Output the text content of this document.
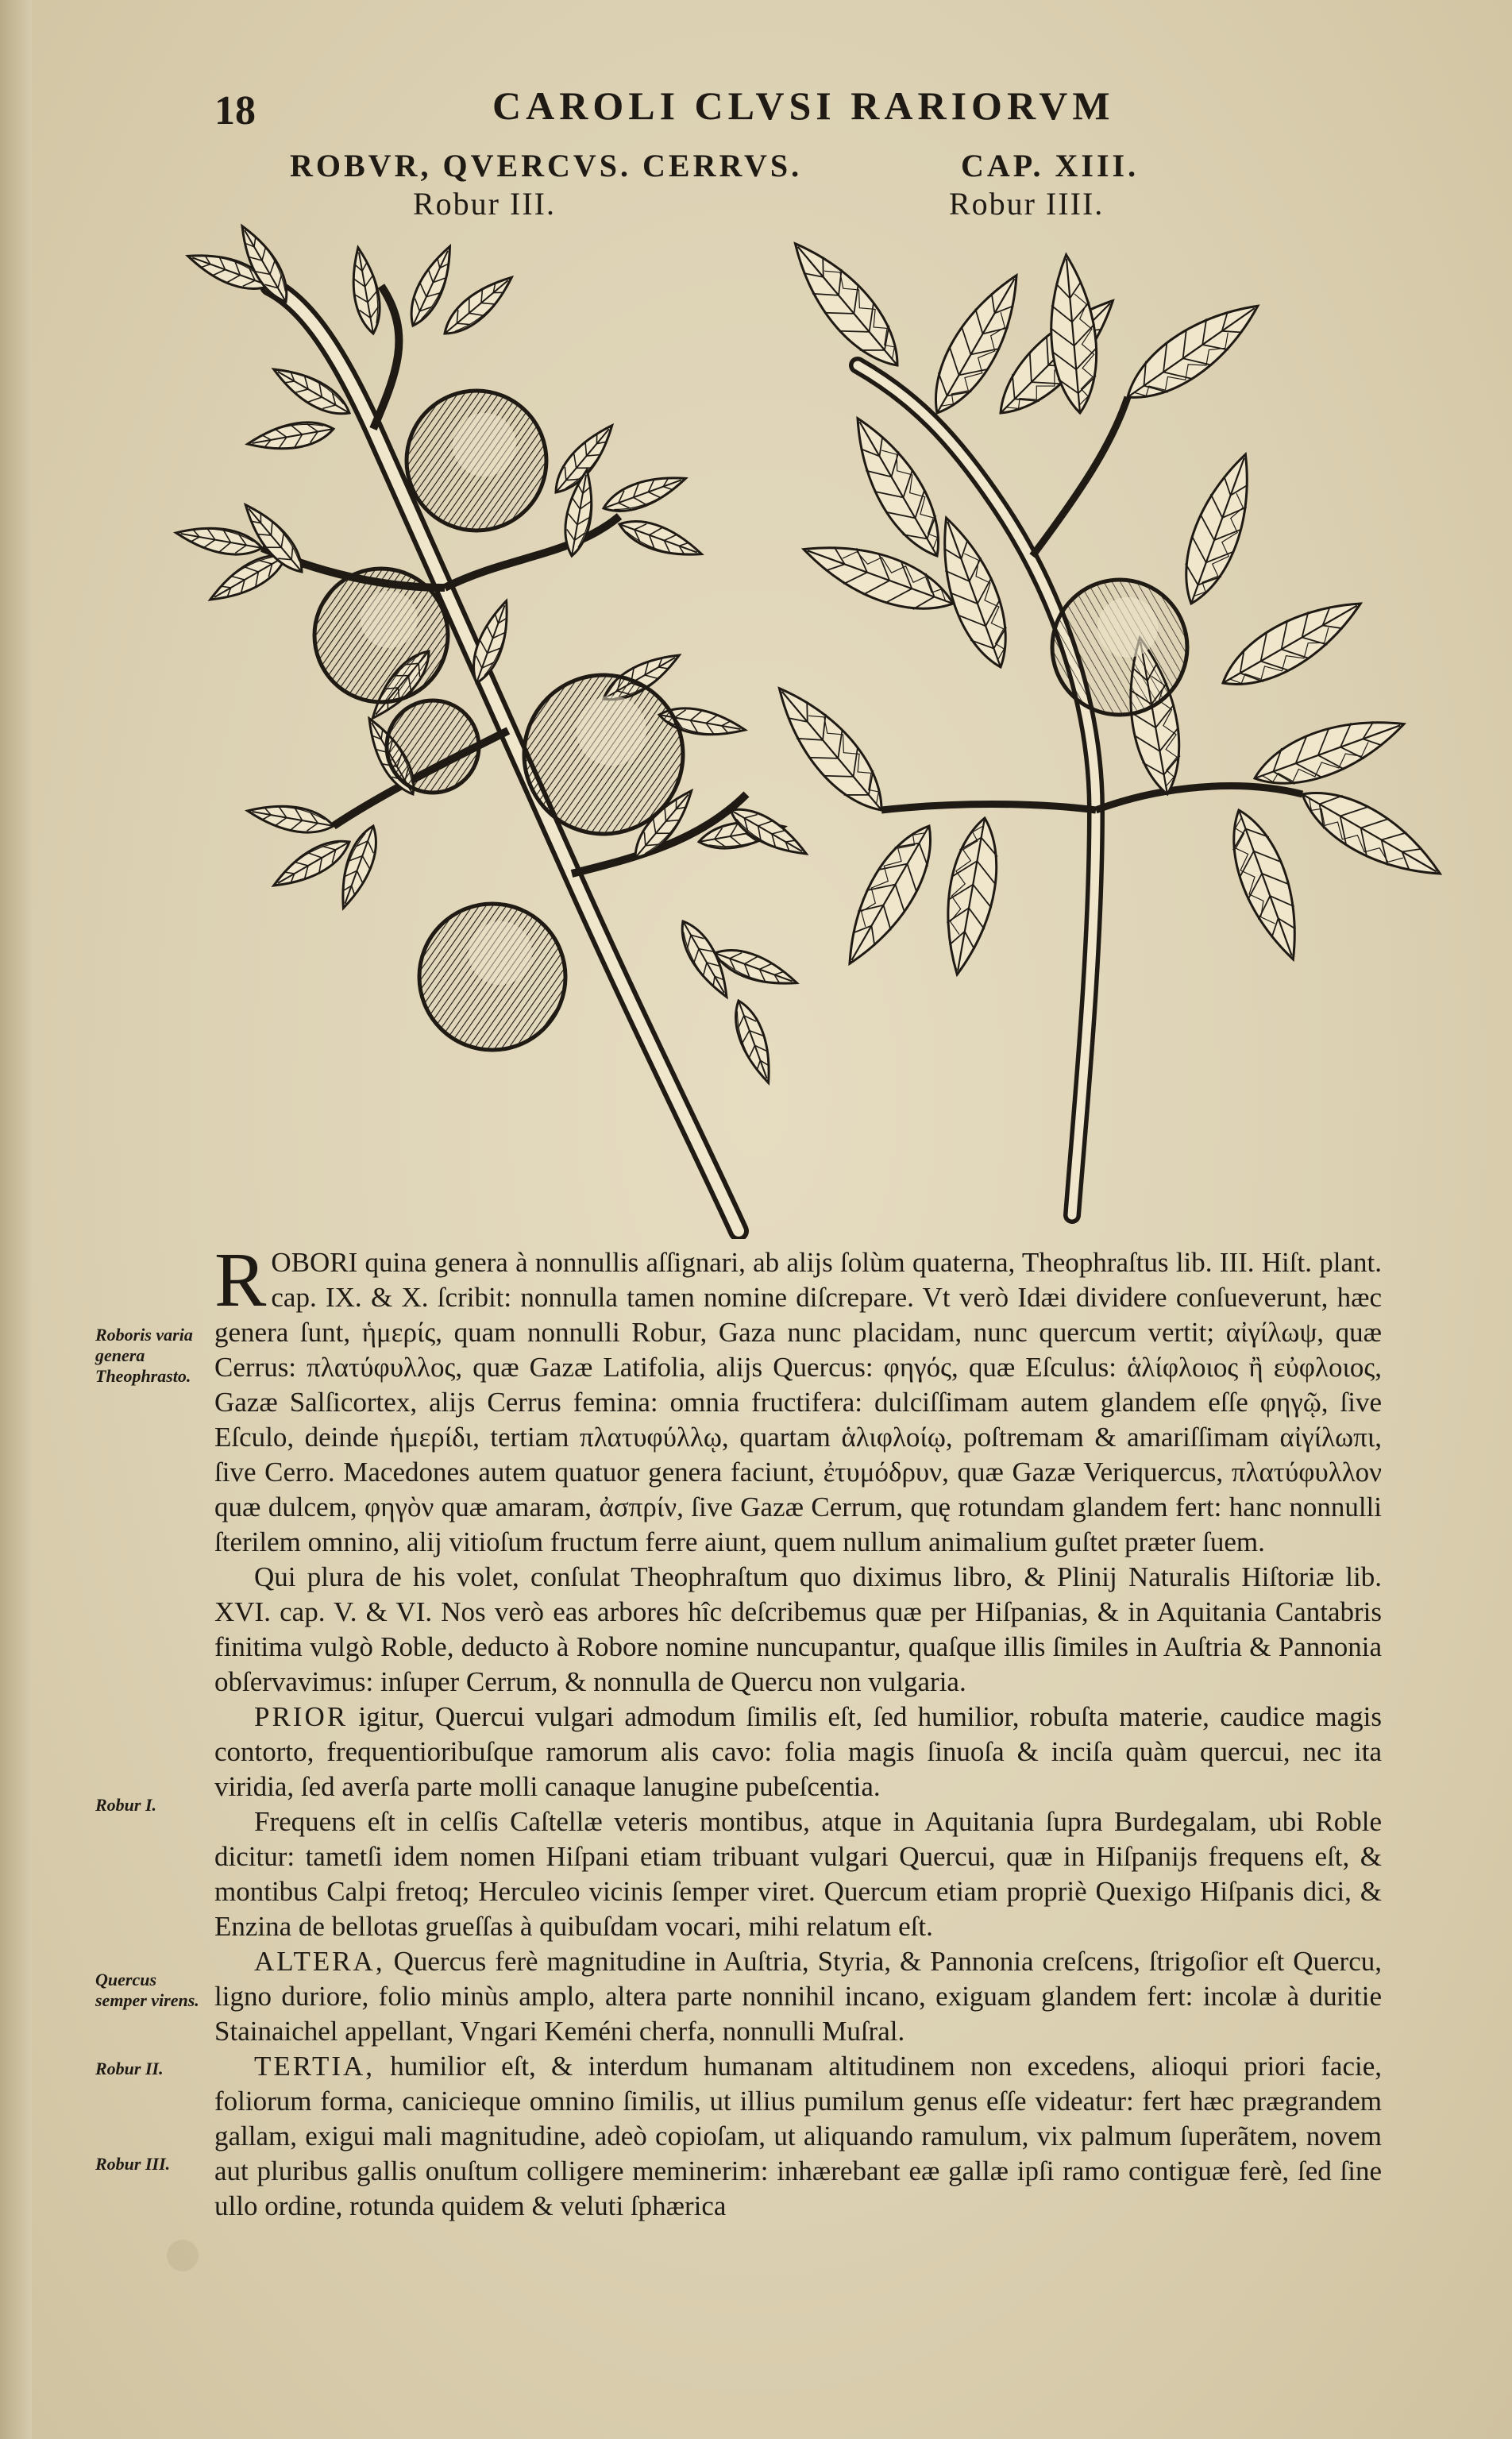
18	CAROLI CLVSI RARIORVM
ROBVR, QVERCVS. CERRVS.
Robur III.
CAP. XIII.
Robur IIII.
Roboris varia genera Theophrasto.
Robur I.
Quercus semper virens.
Robur II.
Robur III.

ROBORI quina genera à nonnullis aſſignari, ab alijs ſolùm quaterna, Theophraſtus lib. III. Hiſt. plant. cap. IX. & X. ſcribit: nonnulla tamen nomine diſcrepare. Vt verò Idæi dividere conſueverunt, hæc genera ſunt, ἡμερίς, quam nonnulli Robur, Gaza nunc placidam, nunc quercum vertit; αἰγίλωψ, quæ Cerrus: πλατύφυλλος, quæ Gazæ Latifolia, alijs Quercus: φηγός, quæ Eſculus: ἁλίφλοιος ἢ εὐφλοιος, Gazæ Salſicortex, alijs Cerrus femina: omnia fructifera: dulciſſimam autem glandem eſſe φηγῷ, ſive Eſculo, deinde ἡμερίδι, tertiam πλατυφύλλῳ, quartam ἁλιφλοίῳ, poſtremam & amariſſimam αἰγίλωπι, ſive Cerro. Macedones autem quatuor genera faciunt, ἐτυμόδρυν, quæ Gazæ Veriquercus, πλατύφυλλον quæ dulcem, φηγὸν quæ amaram, ἀσπρίν, ſive Gazæ Cerrum, quę rotundam glandem fert: hanc nonnulli ſterilem omnino, alij vitioſum fructum ferre aiunt, quem nullum animalium guſtet præter ſuem.

Qui plura de his volet, conſulat Theophraſtum quo diximus libro, & Plinij Naturalis Hiſtoriæ lib. XVI. cap. V. & VI. Nos verò eas arbores hîc deſcribemus quæ per Hiſpanias, & in Aquitania Cantabris finitima vulgò Roble, deducto à Robore nomine nuncupantur, quaſque illis ſimiles in Auſtria & Pannonia obſervavimus: inſuper Cerrum, & nonnulla de Quercu non vulgaria.

PRIOR igitur, Quercui vulgari admodum ſimilis eſt, ſed humilior, robuſta materie, caudice magis contorto, frequentioribuſque ramorum alis cavo: folia magis ſinuoſa & inciſa quàm quercui, nec ita viridia, ſed averſa parte molli canaque lanugine pubeſcentia.

Frequens eſt in celſis Caſtellæ veteris montibus, atque in Aquitania ſupra Burdegalam, ubi Roble dicitur: tametſi idem nomen Hiſpani etiam tribuant vulgari Quercui, quæ in Hiſpanijs frequens eſt, & montibus Calpi fretoq; Herculeo vicinis ſemper viret. Quercum etiam propriè Quexigo Hiſpanis dici, & Enzina de bellotas grueſſas à quibuſdam vocari, mihi relatum eſt.

ALTERA, Quercus ferè magnitudine in Auſtria, Styria, & Pannonia creſcens, ſtrigoſior eſt Quercu, ligno duriore, folio minùs amplo, altera parte nonnihil incano, exiguam glandem fert: incolæ à duritie Stainaichel appellant, Vngari Keméni cherfa, nonnulli Muſral.

TERTIA, humilior eſt, & interdum humanam altitudinem non excedens, alioqui priori facie, foliorum forma, canicieque omnino ſimilis, ut illius pumilum genus eſſe videatur: fert hæc prægrandem gallam, exigui mali magnitudine, adeò copioſam, ut aliquando ramulum, vix palmum ſuperãtem, novem aut pluribus gallis onuſtum colligere meminerim: inhærebant eæ gallæ ipſi ramo contiguæ ferè, ſed ſine ullo ordine, rotunda quidem & veluti ſphærica
